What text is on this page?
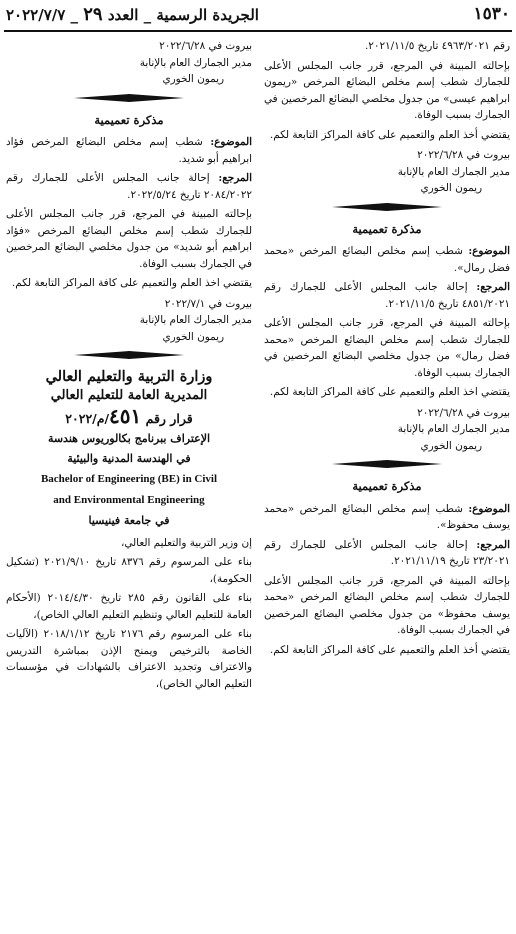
١٥٣٠
الجريدة الرسمية _ العدد ٢٩ _ ٢٠٢٢/٧/٧

رقم ٤٩٦٣/٢٠٢١ تاريخ ٢٠٢١/١١/٥.

بإحالته المبينة في المرجع، قرر جانب المجلس الأعلى للجمارك شطب إسم مخلص البضائع المرخص «ريمون ابراهيم عيسى» من جدول مخلصي البضائع المرخصين في الجمارك بسبب الوفاة.

يقتضي أخذ العلم والتعميم على كافة المراكز التابعة لكم.

بيروت في ٢٠٢٢/٦/٢٨
مدير الجمارك العام بالإنابة
ريمون الخوري
مذكرة تعميمية

الموضوع: شطب إسم مخلص البضائع المرخص «محمد فضل رمال».

المرجع: إحالة جانب المجلس الأعلى للجمارك رقم ٤٨٥١/٢٠٢١ تاريخ ٢٠٢١/١١/٥.

بإحالته المبينة في المرجع، قرر جانب المجلس الأعلى للجمارك شطب إسم مخلص البضائع المرخص «محمد فضل رمال» من جدول مخلصي البضائع المرخصين في الجمارك بسبب الوفاة.

يقتضي اخذ العلم والتعميم على كافة المراكز التابعة لكم.

بيروت في ٢٠٢٢/٦/٢٨
مدير الجمارك العام بالإنابة
ريمون الخوري
مذكرة تعميمية

الموضوع: شطب إسم مخلص البضائع المرخص «محمد يوسف محفوظ».

المرجع: إحالة جانب المجلس الأعلى للجمارك رقم ٢٣/٢٠٢١ تاريخ ٢٠٢١/١١/١٩.

بإحالته المبينة في المرجع، قرر جانب المجلس الأعلى للجمارك شطب إسم مخلص البضائع المرخص «محمد يوسف محفوظ» من جدول مخلصي البضائع المرخصين في الجمارك بسبب الوفاة.

يقتضي أخذ العلم والتعميم على كافة المراكز التابعة لكم.

بيروت في ٢٠٢٢/٦/٢٨
مدير الجمارك العام بالإنابة
ريمون الخوري
مذكرة تعميمية

الموضوع: شطب إسم مخلص البضائع المرخص فؤاد ابراهيم أبو شديد.

المرجع: إحالة جانب المجلس الأعلى للجمارك رقم ٢٠٨٤/٢٠٢٢ تاريخ ٢٠٢٢/٥/٢٤.

بإحالته المبينة في المرجع، قرر جانب المجلس الأعلى للجمارك شطب إسم مخلص البضائع المرخص «فؤاد ابراهيم أبو شديد» من جدول مخلصي البضائع المرخصين في الجمارك بسبب الوفاة.

يقتضي اخذ العلم والتعميم على كافة المراكز التابعة لكم.

بيروت في ٢٠٢٢/٧/١
مدير الجمارك العام بالإنابة
ريمون الخوري
وزارة التربية والتعليم العالي
المديرية العامة للتعليم العالي
قرار رقم ٤٥١/م/٢٠٢٢

الإعتراف ببرنامج بكالوريوس هندسة

في الهندسة المدنية والبيئية

Bachelor of Engineering (BE) in Civil

and Environmental Engineering

في جامعة فينيسيا

إن وزير التربية والتعليم العالي،

بناء على المرسوم رقم ٨٣٧٦ تاريخ ٢٠٢١/٩/١٠ (تشكيل الحكومة)،

بناء على القانون رقم ٢٨٥ تاريخ ٢٠١٤/٤/٣٠ (الأحكام العامة للتعليم العالي وتنظيم التعليم العالي الخاص)،

بناء على المرسوم رقم ٢١٧٦ تاريخ ٢٠١٨/١/١٢ (الآليات الخاصة بالترخيص ويمنح الإذن بمباشرة التدريس والاعتراف وتجديد الاعتراف بالشهادات في مؤسسات التعليم العالي الخاص)،
